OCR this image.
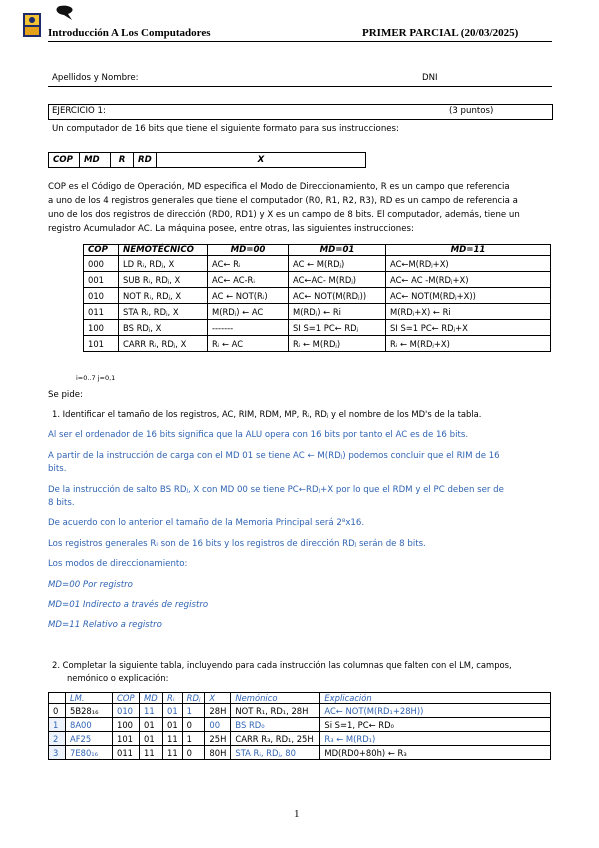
Introducción A Los Computadores	PRIMER PARCIAL (20/03/2025)
Apellidos y Nombre:	DNI
EJERCICIO 1:	(3 puntos)
Un computador de 16 bits que tiene el siguiente formato para sus instrucciones:
COP	MD	R	RD	X
COP es el Código de Operación, MD especifica el Modo de Direccionamiento, R es un campo que referencia
a uno de los 4 registros generales que tiene el computador (R0, R1, R2, R3), RD es un campo de referencia a
uno de los dos registros de dirección (RD0, RD1) y X es un campo de 8 bits. El computador, además, tiene un
registro Acumulador AC. La máquina posee, entre otras, las siguientes instrucciones:
COP	NEMOTÉCNICO	MD=00	MD=01	MD=11
000	LD Rᵢ, RDⱼ, X	AC← Rᵢ	AC ← M(RDⱼ)	AC←M(RDⱼ+X)
001	SUB Rᵢ, RDⱼ, X	AC← AC-Rᵢ	AC←AC- M(RDⱼ)	AC← AC -M(RDⱼ+X)
010	NOT Rᵢ, RDⱼ, X	AC ← NOT(Rᵢ)	AC← NOT(M(RDⱼ))	AC← NOT(M(RDⱼ+X))
011	STA Rᵢ, RDⱼ, X	M(RDⱼ) ← AC	M(RDⱼ) ← Ri	M(RDⱼ+X) ← Ri
100	BS RDⱼ, X	-------	SI S=1 PC← RDⱼ	SI S=1 PC← RDⱼ+X
101	CARR Rᵢ, RDⱼ, X	Rᵢ ← AC	Rᵢ ← M(RDⱼ)	Rᵢ ← M(RDⱼ+X)
i=0..7 j=0,1
Se pide:
1. Identificar el tamaño de los registros, AC, RIM, RDM, MP, Rᵢ, RDⱼ y el nombre de los MD's de la tabla.
Al ser el ordenador de 16 bits significa que la ALU opera con 16 bits por tanto el AC es de 16 bits.
A partir de la instrucción de carga con el MD 01 se tiene AC ← M(RDⱼ) podemos concluir que el RIM de 16
bits.
De la instrucción de salto BS RDⱼ, X con MD 00 se tiene PC←RDⱼ+X por lo que el RDM y el PC deben ser de
8 bits.
De acuerdo con lo anterior el tamaño de la Memoria Principal será 2⁸x16.
Los registros generales Rᵢ son de 16 bits y los registros de dirección RDⱼ serán de 8 bits.
Los modos de direccionamiento:
MD=00 Por registro
MD=01 Indirecto a través de registro
MD=11 Relativo a registro
2. Completar la siguiente tabla, incluyendo para cada instrucción las columnas que falten con el LM, campos,
nemónico o explicación:
	LM.	COP	MD	Rᵢ	RDⱼ	X	Nemónico	Explicación
0	5B28₁₆	010	11	01	1	28H	NOT R₁, RD₁, 28H	AC← NOT(M(RD₁+28H))
1	8A00	100	01	01	0	00	BS RD₀	Si S=1, PC← RD₀
2	AF25	101	01	11	1	25H	CARR R₃, RD₁, 25H	R₃ ← M(RD₁)
3	7E80₁₆	011	11	11	0	80H	STA Rᵢ, RDⱼ, 80	MD(RD0+80h) ← R₃
1
